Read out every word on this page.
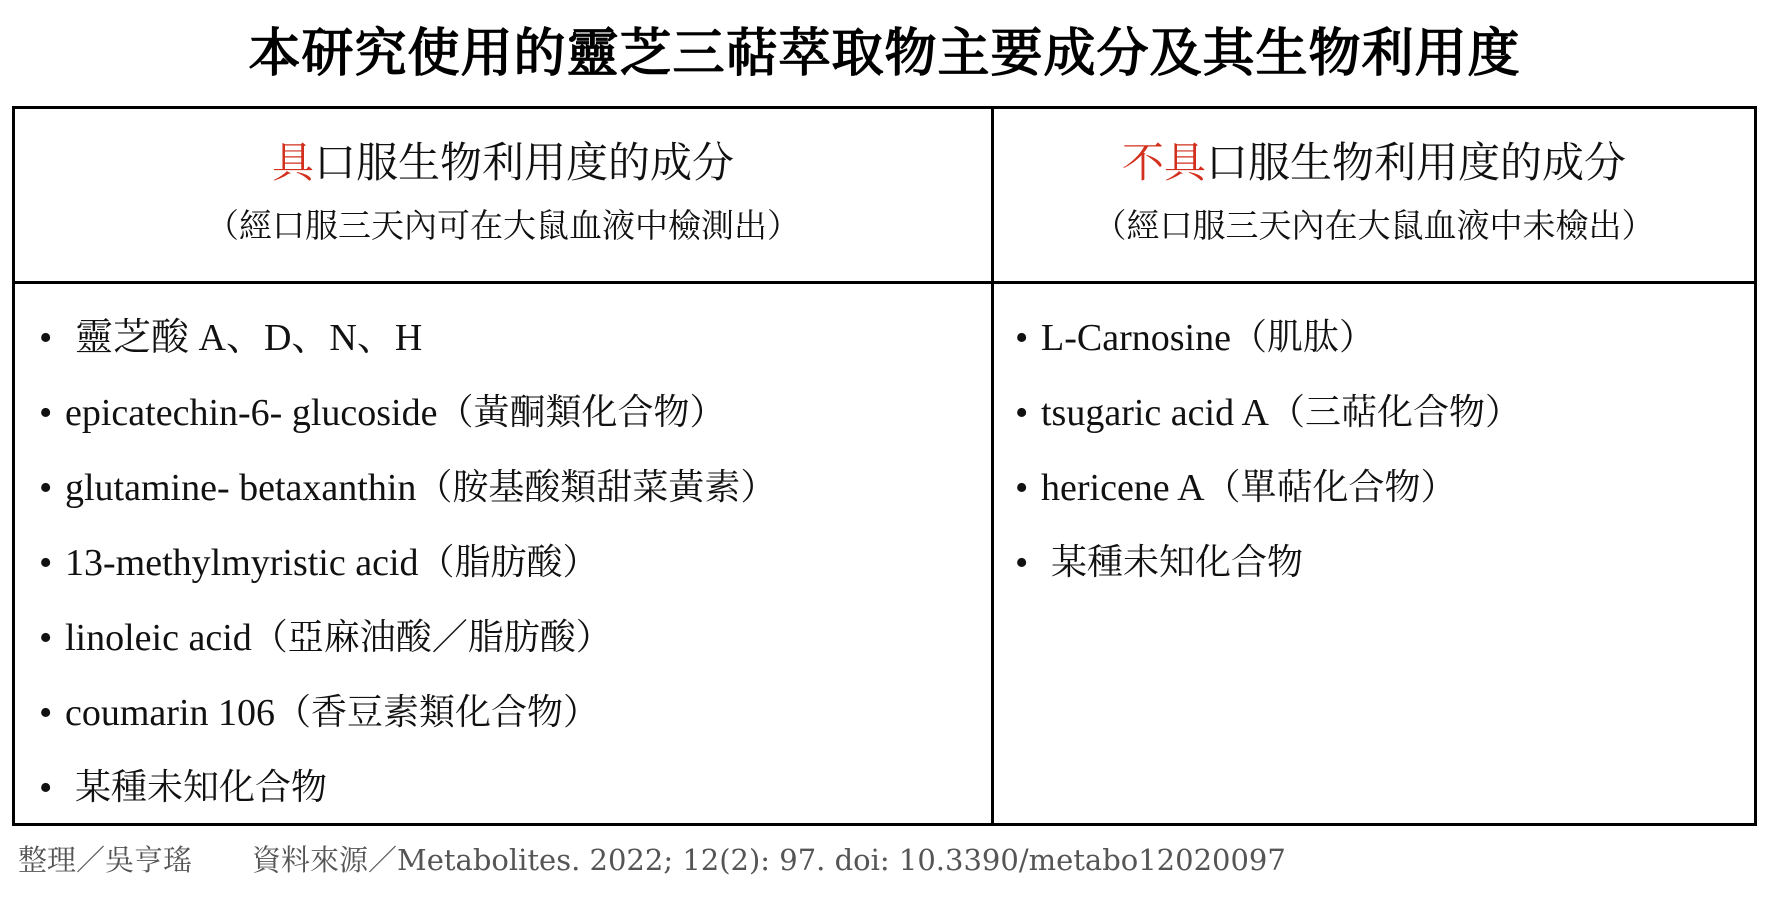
本研究使用的靈芝三萜萃取物主要成分及其生物利用度
具口服生物利用度的成分
（經口服三天內可在大鼠血液中檢測出）
不具口服生物利用度的成分
（經口服三天內在大鼠血液中未檢出）
• 靈芝酸 A、D、N、H
• epicatechin-6- glucoside （黃酮類化合物）
• glutamine- betaxanthin （胺基酸類甜菜黃素）
• 13-methylmyristic acid （脂肪酸）
• linoleic acid （亞麻油酸／脂肪酸）
• coumarin 106 （香豆素類化合物）
• 某種未知化合物
• L-Carnosine （肌肽）
• tsugaric acid A （三萜化合物）
• hericene A （單萜化合物）
• 某種未知化合物
整理／吳亨瑤 資料來源／Metabolites. 2022; 12(2): 97. doi: 10.3390/metabo12020097
